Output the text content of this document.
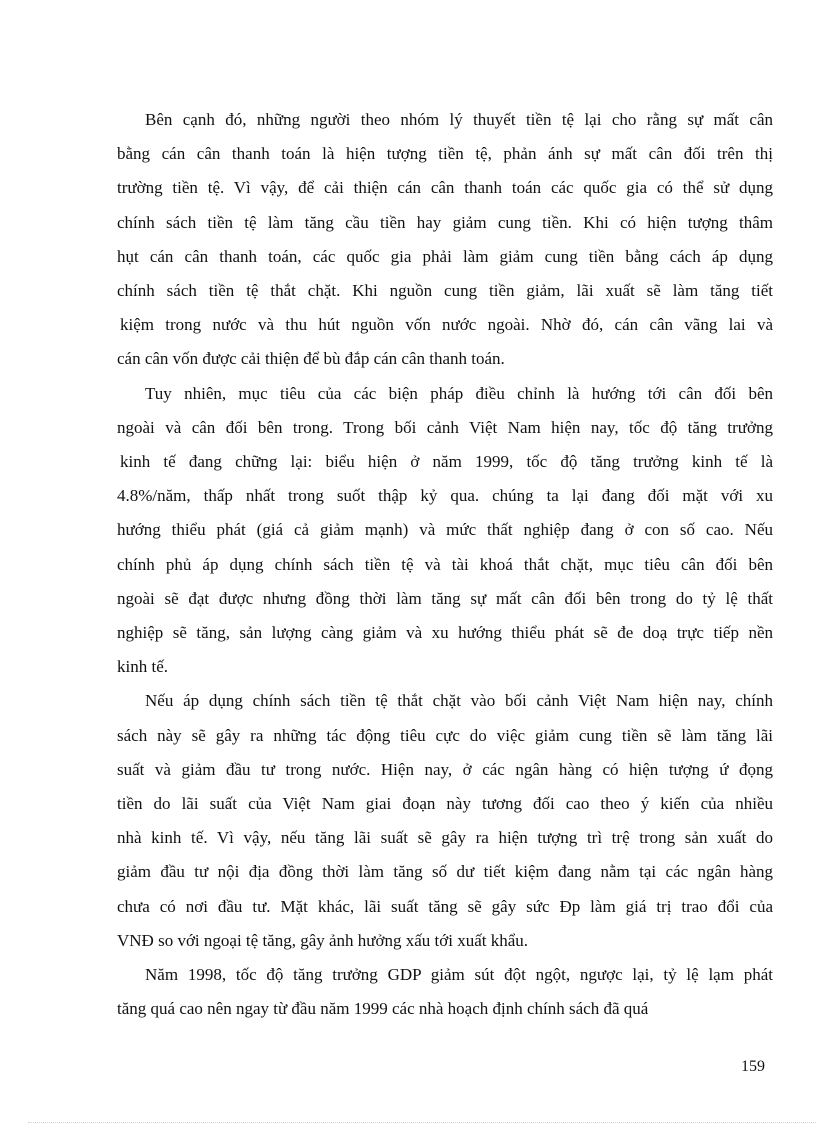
Bên cạnh đó, những người theo nhóm lý thuyết tiền tệ lại cho rằng sự mất cân
bằng cán cân thanh toán là hiện tượng tiền tệ, phản ánh sự mất cân đối trên thị
trường tiền tệ. Vì vậy, để cải thiện cán cân thanh toán các quốc gia có thể sử dụng
chính sách tiền tệ làm tăng cầu tiền hay giảm cung tiền. Khi có hiện tượng thâm
hụt cán cân thanh toán, các quốc gia phải làm giảm cung tiền bằng cách áp dụng
chính sách tiền tệ thắt chặt. Khi nguồn cung tiền giảm, lãi xuất sẽ làm tăng tiết
kiệm trong nước và thu hút nguồn vốn nước ngoài. Nhờ đó, cán cân vãng lai và
cán cân vốn được cải thiện để bù đắp cán cân thanh toán.

Tuy nhiên, mục tiêu của các biện pháp điều chỉnh là hướng tới cân đối bên
ngoài và cân đối bên trong. Trong bối cảnh Việt Nam hiện nay, tốc độ tăng trưởng
kinh tế đang chững lại: biểu hiện ở năm 1999, tốc độ tăng trưởng kinh tế là
4.8%/năm, thấp nhất trong suốt thập kỷ qua. chúng ta lại đang đối mặt với xu
hướng thiểu phát (giá cả giảm mạnh) và mức thất nghiệp đang ở con số cao. Nếu
chính phủ áp dụng chính sách tiền tệ và tài khoá thắt chặt, mục tiêu cân đối bên
ngoài sẽ đạt được nhưng đồng thời làm tăng sự mất cân đối bên trong do tỷ lệ thất
nghiệp sẽ tăng, sản lượng càng giảm và xu hướng thiểu phát sẽ đe doạ trực tiếp nền
kinh tế.

Nếu áp dụng chính sách tiền tệ thắt chặt vào bối cảnh Việt Nam hiện nay, chính
sách này sẽ gây ra những tác động tiêu cực do việc giảm cung tiền sẽ làm tăng lãi
suất và giảm đầu tư trong nước. Hiện nay, ở các ngân hàng có hiện tượng ứ đọng
tiền do lãi suất của Việt Nam giai đoạn này tương đối cao theo ý kiến của nhiều
nhà kinh tế. Vì vậy, nếu tăng lãi suất sẽ gây ra hiện tượng trì trệ trong sản xuất do
giảm đầu tư nội địa đồng thời làm tăng số dư tiết kiệm đang nằm tại các ngân hàng
chưa có nơi đầu tư. Mặt khác, lãi suất tăng sẽ gây sức Đp làm giá trị trao đổi của
VNĐ so với ngoại tệ tăng, gây ảnh hưởng xấu tới xuất khẩu.

Năm 1998, tốc độ tăng trưởng GDP giảm sút đột ngột, ngược lại, tỷ lệ lạm phát
tăng quá cao nên ngay từ đầu năm 1999 các nhà hoạch định chính sách đã quá

159
